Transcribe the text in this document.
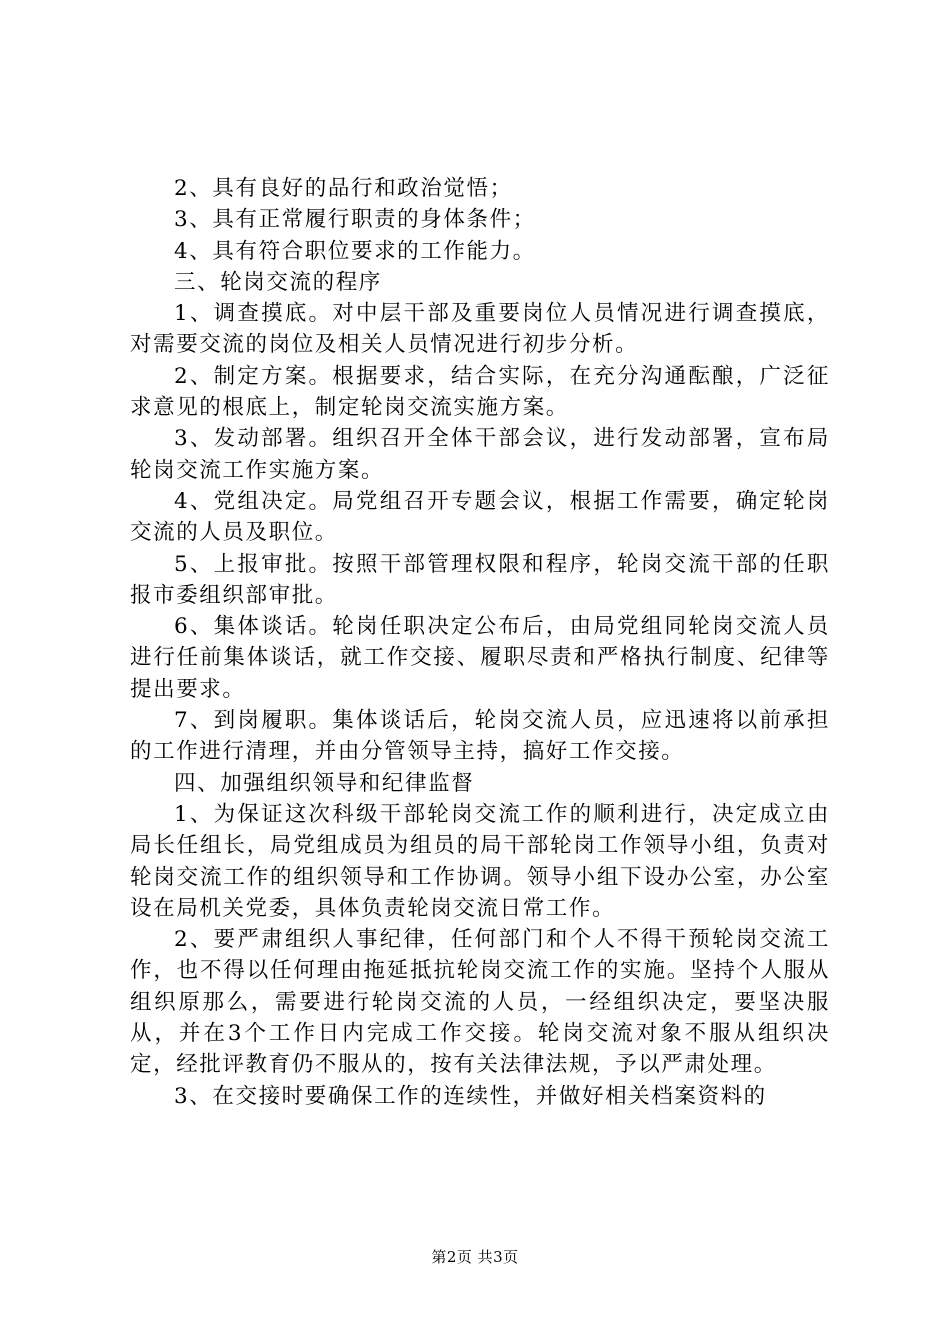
2、具有良好的品行和政治觉悟；

3、具有正常履行职责的身体条件；

4、具有符合职位要求的工作能力。

三、轮岗交流的程序

1、调查摸底。对中层干部及重要岗位人员情况进行调查摸底，对需要交流的岗位及相关人员情况进行初步分析。

2、制定方案。根据要求，结合实际，在充分沟通酝酿，广泛征求意见的根底上，制定轮岗交流实施方案。

3、发动部署。组织召开全体干部会议，进行发动部署，宣布局轮岗交流工作实施方案。

4、党组决定。局党组召开专题会议，根据工作需要，确定轮岗交流的人员及职位。

5、上报审批。按照干部管理权限和程序，轮岗交流干部的任职报市委组织部审批。

6、集体谈话。轮岗任职决定公布后，由局党组同轮岗交流人员进行任前集体谈话，就工作交接、履职尽责和严格执行制度、纪律等提出要求。

7、到岗履职。集体谈话后，轮岗交流人员，应迅速将以前承担的工作进行清理，并由分管领导主持，搞好工作交接。

四、加强组织领导和纪律监督

1、为保证这次科级干部轮岗交流工作的顺利进行，决定成立由局长任组长，局党组成员为组员的局干部轮岗工作领导小组，负责对轮岗交流工作的组织领导和工作协调。领导小组下设办公室，办公室设在局机关党委，具体负责轮岗交流日常工作。

2、要严肃组织人事纪律，任何部门和个人不得干预轮岗交流工作，也不得以任何理由拖延抵抗轮岗交流工作的实施。坚持个人服从组织原那么，需要进行轮岗交流的人员，一经组织决定，要坚决服从，并在3个工作日内完成工作交接。轮岗交流对象不服从组织决定，经批评教育仍不服从的，按有关法律法规，予以严肃处理。

3、在交接时要确保工作的连续性，并做好相关档案资料的

第2页 共3页
